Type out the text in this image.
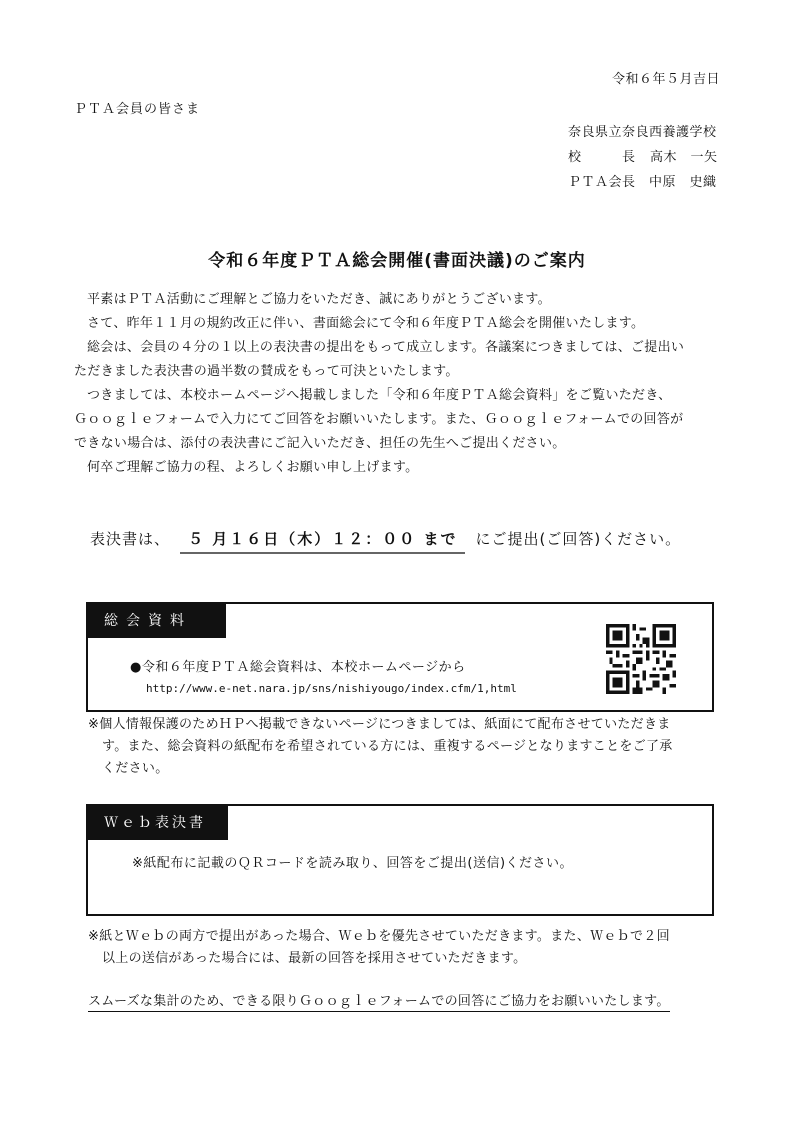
令和６年５月吉日
ＰＴＡ会員の皆さま
奈良県立奈良西養護学校
校　　　長 高木　一矢
ＰＴＡ会長　 中原　史織
令和６年度ＰＴＡ総会開催(書面決議)のご案内

平素はＰＴＡ活動にご理解とご協力をいただき、誠にありがとうございます。

さて、昨年１１月の規約改正に伴い、書面総会にて令和６年度ＰＴＡ総会を開催いたします。

総会は、会員の４分の１以上の表決書の提出をもって成立します。各議案につきましては、ご提出い

ただきました表決書の過半数の賛成をもって可決といたします。

つきましては、本校ホームページへ掲載しました「令和６年度ＰＴＡ総会資料」をご覧いただき、

Ｇｏｏｇｌｅフォームで入力にてご回答をお願いいたします。また、Ｇｏｏｇｌｅフォームでの回答が

できない場合は、添付の表決書にご記入いただき、担任の先生へご提出ください。

何卒ご理解ご協力の程、よろしくお願い申し上げます。

表決書は、 ５ 月１６日（木）１２：００ まで にご提出(ご回答)ください。
総会資料
●令和６年度ＰＴＡ総会資料は、本校ホームページから
http://www.e-net.nara.jp/sns/nishiyougo/index.cfm/1,html
※個人情報保護のためＨＰへ掲載できないページにつきましては、紙面にて配布させていただきま
す。また、総会資料の紙配布を希望されている方には、重複するページとなりますことをご了承
ください。
Ｗｅｂ表決書
※紙配布に記載のＱＲコードを読み取り、回答をご提出(送信)ください。
※紙とＷｅｂの両方で提出があった場合、Ｗｅｂを優先させていただきます。また、Ｗｅｂで２回
以上の送信があった場合には、最新の回答を採用させていただきます。
スムーズな集計のため、できる限りＧｏｏｇｌｅフォームでの回答にご協力をお願いいたします。
